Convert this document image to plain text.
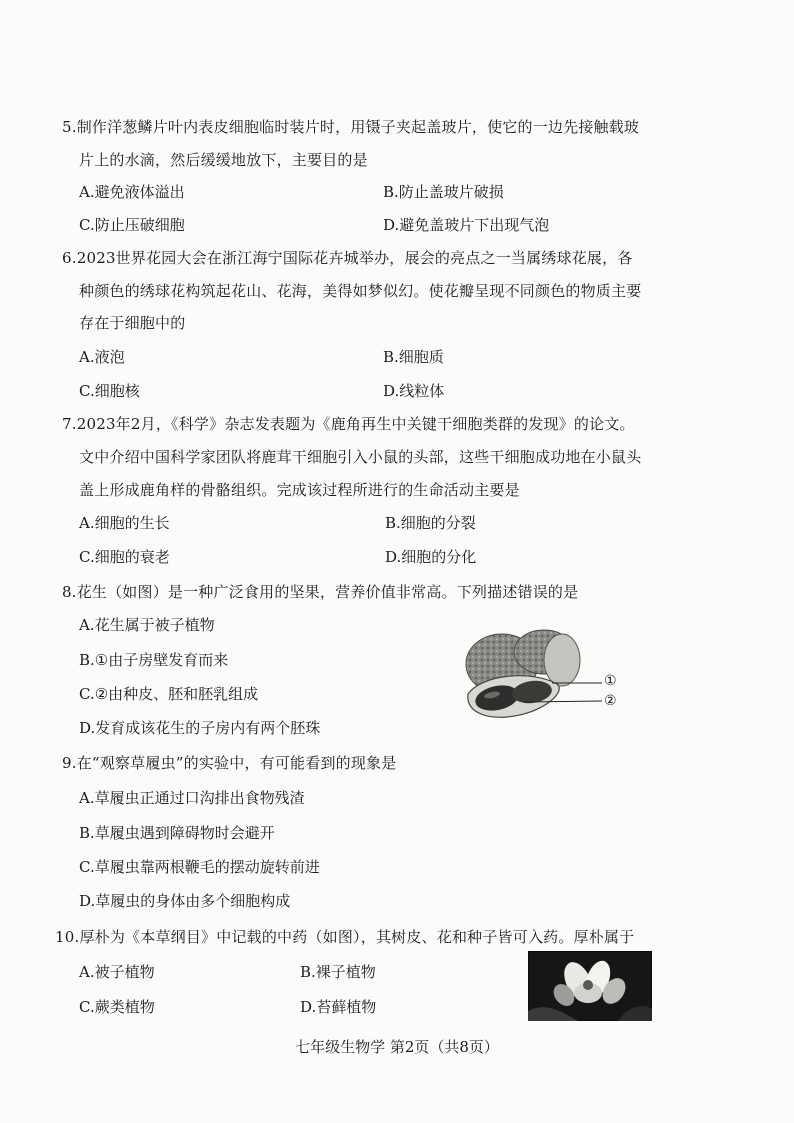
5.制作洋葱鳞片叶内表皮细胞临时装片时，用镊子夹起盖玻片，使它的一边先接触载玻
片上的水滴，然后缓缓地放下，主要目的是
A.避免液体溢出	B.防止盖玻片破损
C.防止压破细胞	D.避免盖玻片下出现气泡
6.2023世界花园大会在浙江海宁国际花卉城举办，展会的亮点之一当属绣球花展，各
种颜色的绣球花构筑起花山、花海，美得如梦似幻。使花瓣呈现不同颜色的物质主要
存在于细胞中的
A.液泡	B.细胞质
C.细胞核	D.线粒体
7.2023年2月，《科学》杂志发表题为《鹿角再生中关键干细胞类群的发现》的论文。
文中介绍中国科学家团队将鹿茸干细胞引入小鼠的头部，这些干细胞成功地在小鼠头
盖上形成鹿角样的骨骼组织。完成该过程所进行的生命活动主要是
A.细胞的生长	B.细胞的分裂
C.细胞的衰老	D.细胞的分化
8.花生（如图）是一种广泛食用的坚果，营养价值非常高。下列描述错误的是
A.花生属于被子植物
B.①由子房壁发育而来
C.②由种皮、胚和胚乳组成
D.发育成该花生的子房内有两个胚珠
①
②
9.在“观察草履虫”的实验中，有可能看到的现象是
A.草履虫正通过口沟排出食物残渣
B.草履虫遇到障碍物时会避开
C.草履虫靠两根鞭毛的摆动旋转前进
D.草履虫的身体由多个细胞构成
10.厚朴为《本草纲目》中记载的中药（如图），其树皮、花和种子皆可入药。厚朴属于
A.被子植物	B.裸子植物
C.蕨类植物	D.苔藓植物
七年级生物学 第2页（共8页）
